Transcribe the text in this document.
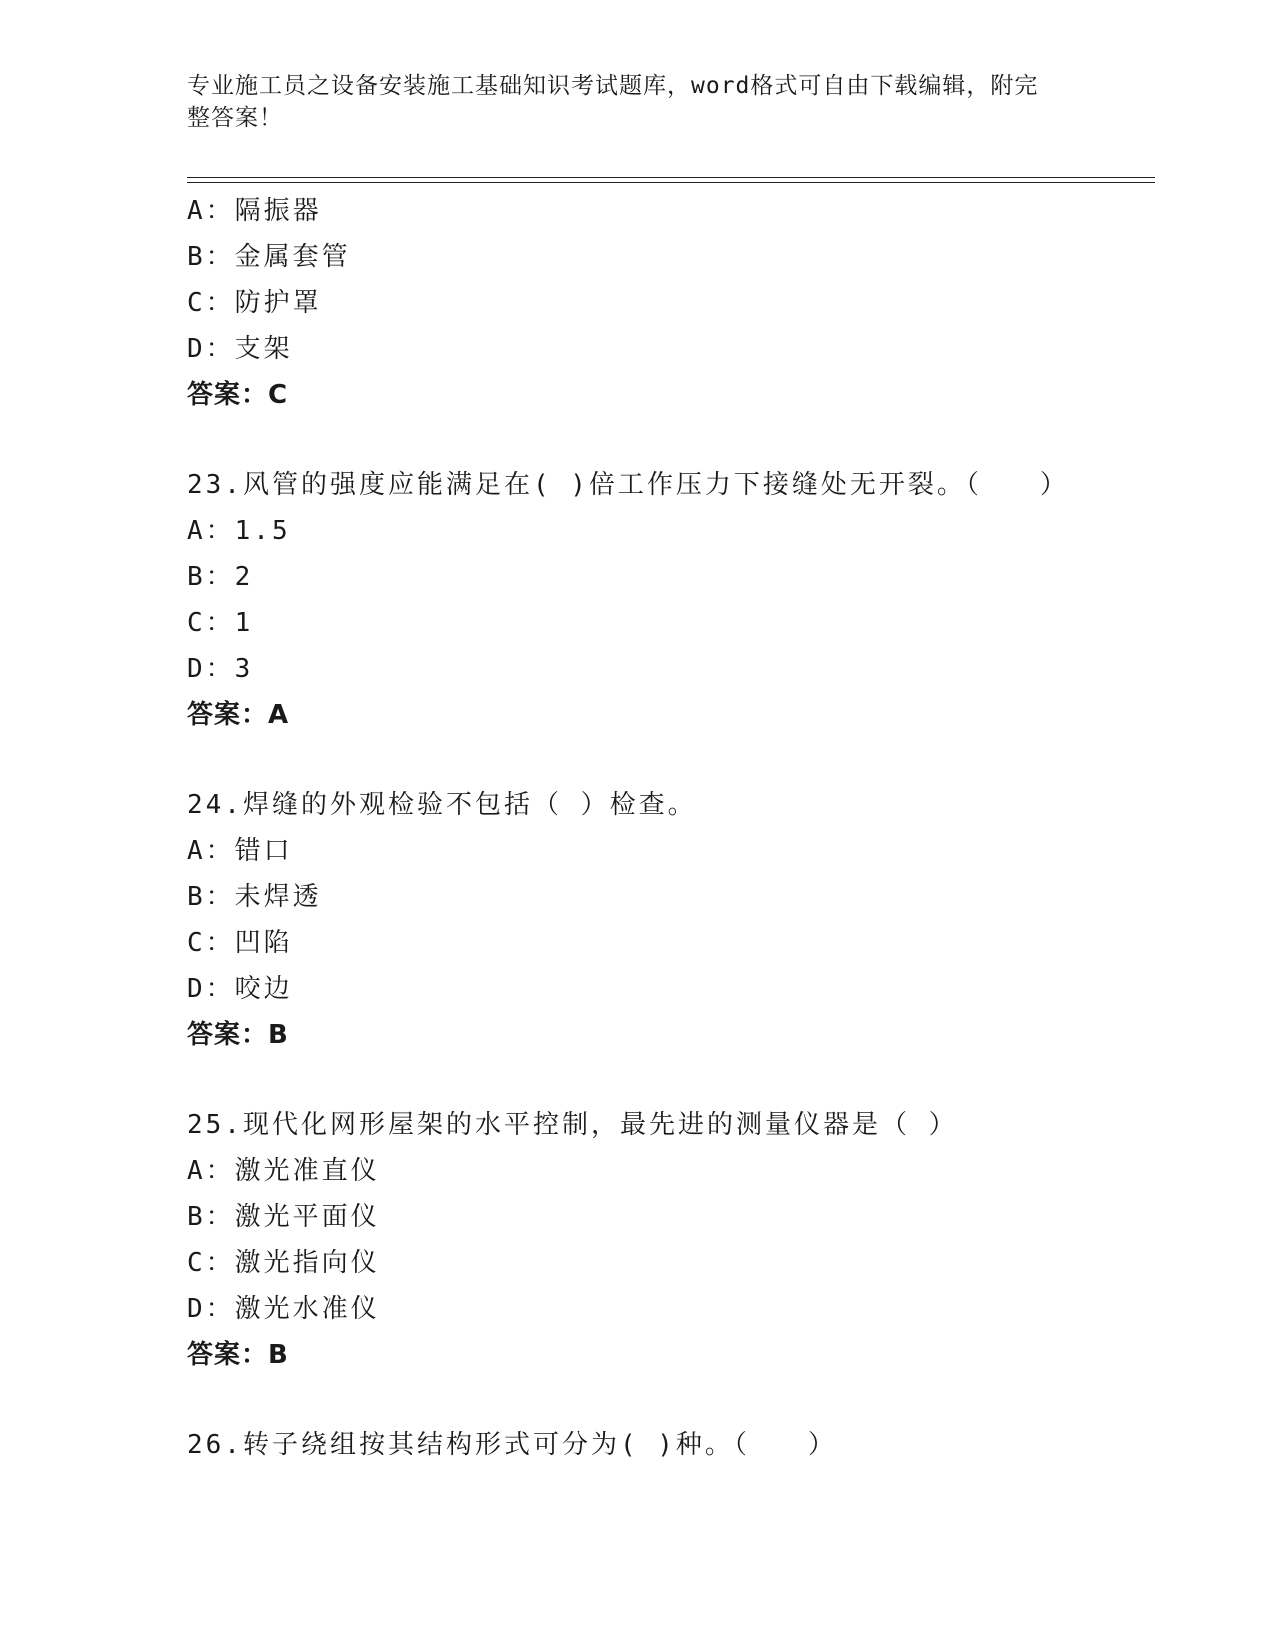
专业施工员之设备安装施工基础知识考试题库，word格式可自由下载编辑，附完
整答案！
A：隔振器
B：金属套管
C：防护罩
D：支架
答案：C
23.风管的强度应能满足在( )倍工作压力下接缝处无开裂。（　　）
A：1.5
B：2
C：1
D：3
答案：A
24.焊缝的外观检验不包括（ ）检查。
A：错口
B：未焊透
C：凹陷
D：咬边
答案：B
25.现代化网形屋架的水平控制，最先进的测量仪器是（ ）
A：激光准直仪
B：激光平面仪
C：激光指向仪
D：激光水准仪
答案：B
26.转子绕组按其结构形式可分为( )种。（　　）
